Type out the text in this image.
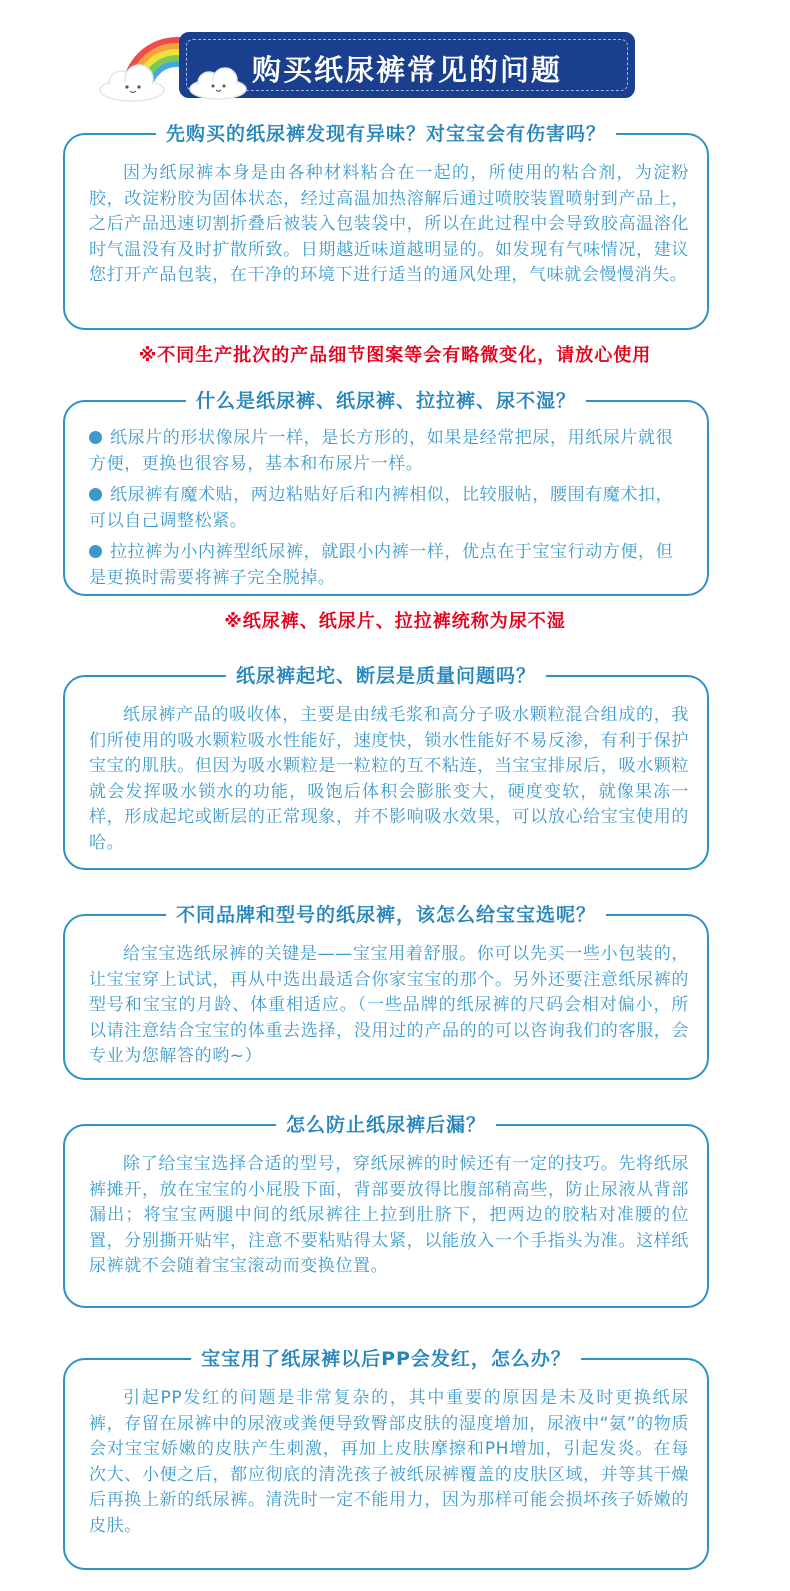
购买纸尿裤常见的问题
先购买的纸尿裤发现有异味？对宝宝会有伤害吗？

因为纸尿裤本身是由各种材料粘合在一起的，所使用的粘合剂，为淀粉胶，改淀粉胶为固体状态，经过高温加热溶解后通过喷胶装置喷射到产品上，之后产品迅速切割折叠后被装入包装袋中，所以在此过程中会导致胶高温溶化时气温没有及时扩散所致。日期越近味道越明显的。如发现有气味情况，建议您打开产品包装，在干净的环境下进行适当的通风处理，气味就会慢慢消失。

※不同生产批次的产品细节图案等会有略微变化，请放心使用
什么是纸尿裤、纸尿裤、拉拉裤、尿不湿？

纸尿片的形状像尿片一样，是长方形的，如果是经常把尿，用纸尿片就很方便，更换也很容易，基本和布尿片一样。

纸尿裤有魔术贴，两边粘贴好后和内裤相似，比较服帖，腰围有魔术扣，可以自己调整松紧。

拉拉裤为小内裤型纸尿裤，就跟小内裤一样，优点在于宝宝行动方便，但是更换时需要将裤子完全脱掉。

※纸尿裤、纸尿片、拉拉裤统称为尿不湿
纸尿裤起坨、断层是质量问题吗？

纸尿裤产品的吸收体，主要是由绒毛浆和高分子吸水颗粒混合组成的，我们所使用的吸水颗粒吸水性能好，速度快，锁水性能好不易反渗，有利于保护宝宝的肌肤。但因为吸水颗粒是一粒粒的互不粘连，当宝宝排尿后，吸水颗粒就会发挥吸水锁水的功能，吸饱后体积会膨胀变大，硬度变软，就像果冻一样，形成起坨或断层的正常现象，并不影响吸水效果，可以放心给宝宝使用的哈。

不同品牌和型号的纸尿裤，该怎么给宝宝选呢？

给宝宝选纸尿裤的关键是——宝宝用着舒服。你可以先买一些小包装的，让宝宝穿上试试，再从中选出最适合你家宝宝的那个。另外还要注意纸尿裤的型号和宝宝的月龄、体重相适应。（一些品牌的纸尿裤的尺码会相对偏小，所以请注意结合宝宝的体重去选择，没用过的产品的的可以咨询我们的客服，会专业为您解答的哟~）

怎么防止纸尿裤后漏？

除了给宝宝选择合适的型号，穿纸尿裤的时候还有一定的技巧。先将纸尿裤摊开，放在宝宝的小屁股下面，背部要放得比腹部稍高些，防止尿液从背部漏出；将宝宝两腿中间的纸尿裤往上拉到肚脐下，把两边的胶粘对准腰的位置，分别撕开贴牢，注意不要粘贴得太紧，以能放入一个手指头为准。这样纸尿裤就不会随着宝宝滚动而变换位置。

宝宝用了纸尿裤以后PP会发红，怎么办？

引起PP发红的问题是非常复杂的，其中重要的原因是未及时更换纸尿裤，存留在尿裤中的尿液或粪便导致臀部皮肤的湿度增加，尿液中“氨”的物质会对宝宝娇嫩的皮肤产生刺激，再加上皮肤摩擦和PH增加，引起发炎。在每次大、小便之后，都应彻底的清洗孩子被纸尿裤覆盖的皮肤区域，并等其干燥后再换上新的纸尿裤。清洗时一定不能用力，因为那样可能会损坏孩子娇嫩的皮肤。
